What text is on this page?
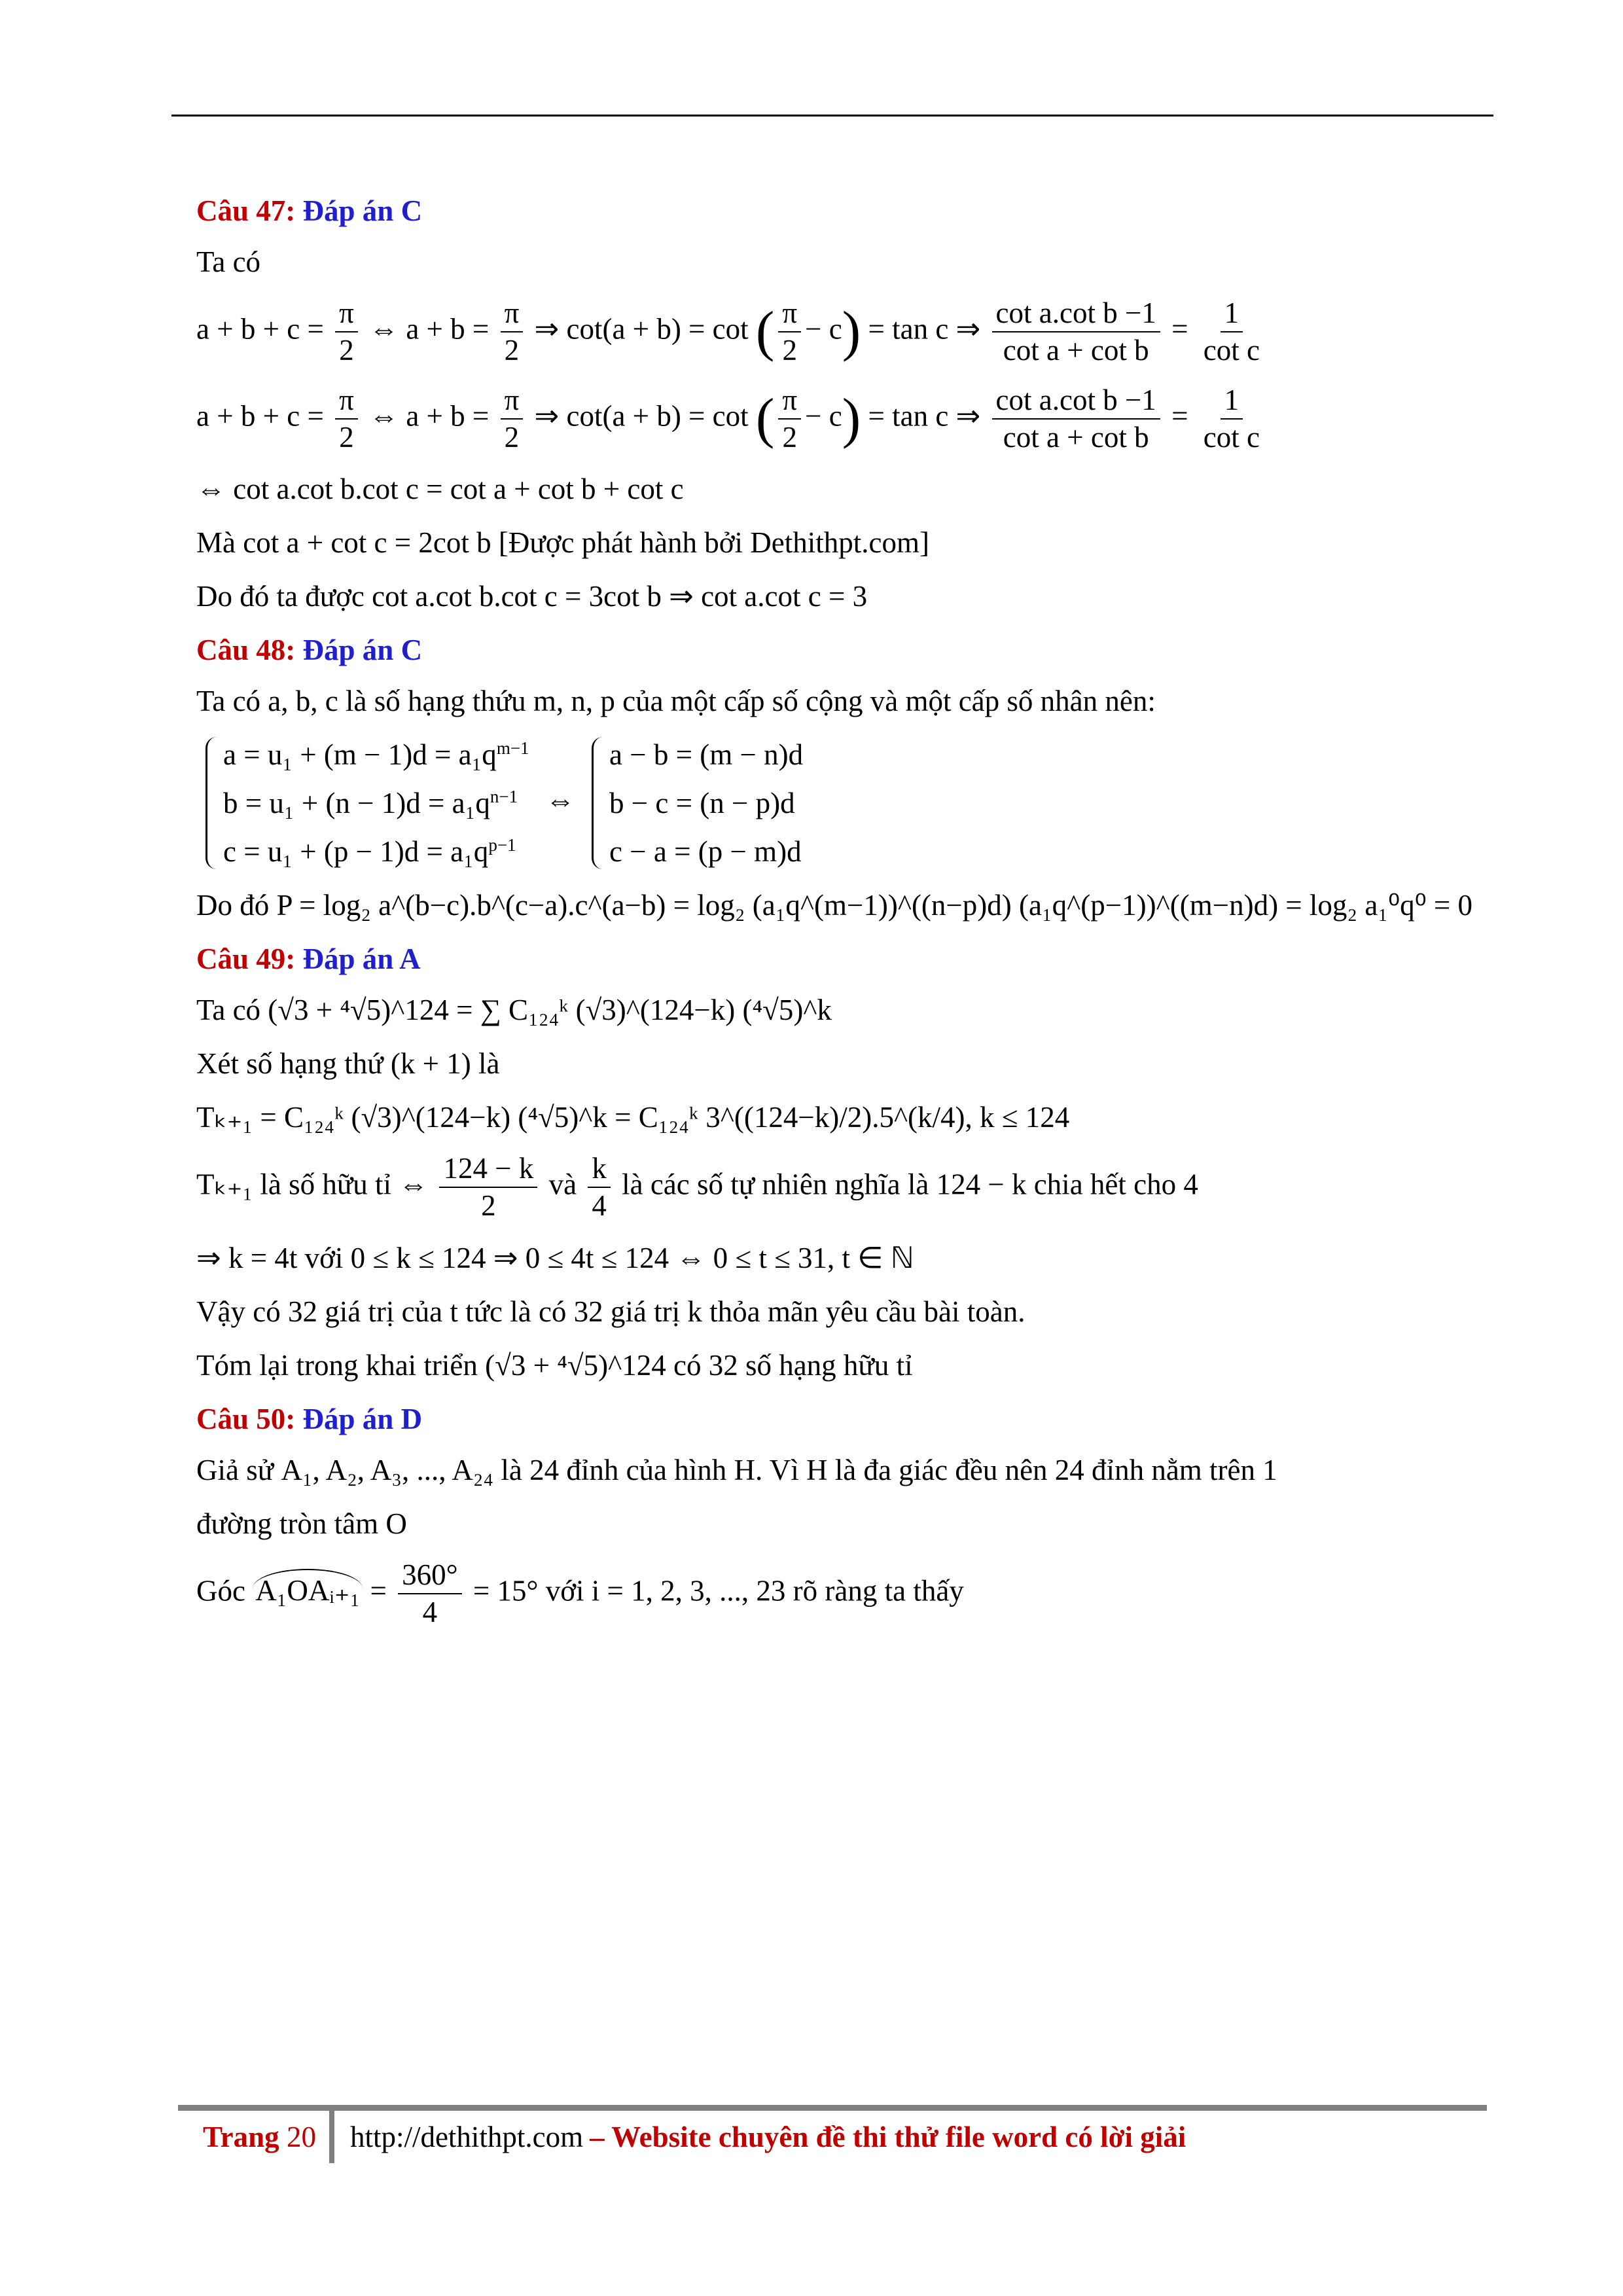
Câu 47: Đáp án C
Ta có
$a + b + c = \frac{\pi}{2}$ ⇔ $a + b = \frac{\pi}{2}$ ⇒ cot(a + b) = cot ( $\frac{\pi}{2} - c) = \tan c$ ⇒ $\frac{\text{cot a.cot b −1}}{\text{cot a + cot b}} = \frac{1}{\text{cot c}}$
$a + b + c = \frac{\pi}{2}$ ⇔ $a + b = \frac{\pi}{2}$ ⇒ cot(a + b) = cot ( $\frac{\pi}{2} - c) = \tan c$ ⇒ $\frac{\text{cot a.cot b −1}}{\text{cot a + cot b}} = \frac{1}{\text{cot c}}$
⇔ cot a.cot b.cot c = cot a + cot b + cot c
Mà cot a + cot c = 2cot b [Được phát hành bởi Dethithpt.com]
Do đó ta được cot a.cot b.cot c = 3cot b ⇒ cot a.cot c = 3
Câu 48: Đáp án C
Ta có a, b, c là số hạng thứu m, n, p của một cấp số cộng và một cấp số nhân nên:
$a = u_1 + (m - 1)d = a_1q^{m-1}$
$b = u_1 + (n - 1)d = a_1q^{n-1}$
$c = u_1 + (p - 1)d = a_1q^{p-1}$
⇔
a − b = (m − n)d
b − c = (n − p)d
c − a = (p − m)d
Do đó P = log₂ a^(b−c).b^(c−a).c^(a−b) = log₂ (a₁q^(m−1))^((n−p)d) (a₁q^(p−1))^((m−n)d) = log₂ a₁⁰q⁰ = 0
Câu 49: Đáp án A
Ta có (√3 + ⁴√5)^124 = ∑ C₁₂₄ᵏ (√3)^(124−k) (⁴√5)^k
Xét số hạng thứ (k + 1) là
Tₖ₊₁ = C₁₂₄ᵏ (√3)^(124−k) (⁴√5)^k = C₁₂₄ᵏ 3^((124−k)/2).5^(k/4), k ≤ 124
Tₖ₊₁ là số hữu tỉ ⇔ $\frac{124 - k}{2}$ và $\frac{k}{4}$ là các số tự nhiên nghĩa là 124 − k chia hết cho 4
⇒ k = 4t với 0 ≤ k ≤ 124 ⇒ 0 ≤ 4t ≤ 124 ⇔ 0 ≤ t ≤ 31, t ∈ ℕ
Vậy có 32 giá trị của t tức là có 32 giá trị k thỏa mãn yêu cầu bài toàn.
Tóm lại trong khai triển (√3 + ⁴√5)^124 có 32 số hạng hữu tỉ
Câu 50: Đáp án D
Giả sử A₁, A₂, A₃, ..., A₂₄ là 24 đỉnh của hình H. Vì H là đa giác đều nên 24 đỉnh nằm trên 1
đường tròn tâm O
Góc A₁OAᵢ₊₁ = $\frac{360^\circ}{4} = 15^\circ$ với i = 1, 2, 3, ..., 23 rõ ràng ta thấy
Trang 20	http://dethithpt.com – Website chuyên đề thi thử file word có lời giải
